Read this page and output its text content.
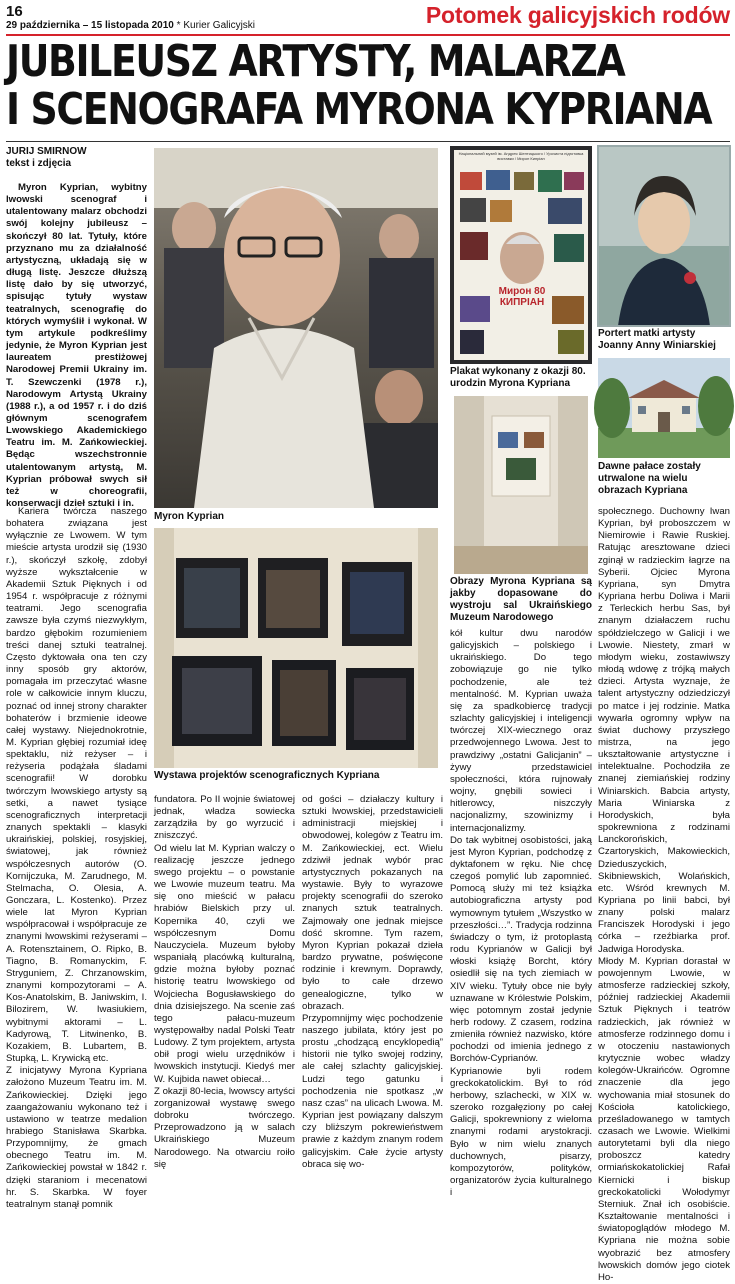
16
29 października – 15 listopada 2010 * Kurier Galicyjski	Potomek galicyjskich rodów
JUBILEUSZ ARTYSTY, MALARZA
I SCENOGRAFA MYRONA KYPRIANA
JURIJ SMIRNOW
tekst i zdjęcia
Myron Kyprian, wybitny lwowski scenograf i utalentowany malarz obchodzi swój kolejny jubileusz – skończył 80 lat. Tytuły, które przyznano mu za działalność artystyczną, układają się w długą listę. Jeszcze dłuższą listę dało by się utworzyć, spisując tytuły wystaw teatralnych, scenografię do których wymyślił i wykonał. W tym artykule podkreślimy jedynie, że Myron Kyprian jest laureatem prestiżowej Narodowej Premii Ukrainy im. T. Szewczenki (1978 r.), Narodowym Artystą Ukrainy (1988 r.), a od 1957 r. i do dziś głównym scenografem Lwowskiego Akademickiego Teatru im. M. Zańkowieckiej. Będąc wszechstronnie utalentowanym artystą, M. Kyprian próbował swych sił też w choreografii, konserwacji dzieł sztuki i in.
Kariera twórcza naszego bohatera związana jest wyłącznie ze Lwowem. W tym mieście artysta urodził się (1930 r.), skończył szkołę, zdobył wyższe wykształcenie w Akademii Sztuk Pięknych i od 1954 r. współpracuje z różnymi teatrami. Jego scenografia zawsze była czymś niezwykłym, bardzo głębokim rozumieniem treści danej sztuki teatralnej. Często dyktowała ona ten czy inny sposób gry aktorów, pomagała im przeczytać własne role w całkowicie innym kluczu, poznać od innej strony charakter bohaterów i brzmienie ideowe całej wystawy. Niejednokrotnie, M. Kyprian głębiej rozumiał ideę spektaklu, niż reżyser – i reżyseria podążała śladami scenografii! W dorobku twórczym lwowskiego artysty są setki, a nawet tysiące scenograficznych interpretacji znanych spektakli – klasyki ukraińskiej, polskiej, rosyjskiej, światowej, jak również współczesnych autorów (O. Kornijczuka, M. Zarudnego, M. Stelmacha, O. Olesia, A. Gonczara, L. Kostenko). Przez wiele lat Myron Kyprian współpracował i współpracuje ze znanymi lwowskimi reżyserami – A. Rotensztainem, O. Ripko, B. Tiagno, B. Romanyckim, F. Stryguniem, Z. Chrzanowskim, znanymi kompozytorami – A. Kos-Anatolskim, B. Janiwskim, I. Bilozirem, W. Iwasiukiem, wybitnymi aktorami – L. Kadyrową, T. Litwinenko, B. Kozakiem, B. Lubartem, B. Stupką, L. Krywicką etc.
Z inicjatywy Myrona Kypriana założono Muzeum Teatru im. M. Zańkowieckiej. Dzięki jego zaangażowaniu wykonano też i ustawiono w teatrze medalion hrabiego Stanisława Skarbka. Przypomnijmy, że gmach obecnego Teatru im. M. Zańkowieckiej powstał w 1842 r. dzięki staraniom i mecenatowi hr. S. Skarbka. W foyer teatralnym stanął pomnik
Myron Kyprian
Wystawa projektów scenograficznych Kypriana
fundatora. Po II wojnie światowej jednak, władza sowiecka zarządziła by go wyrzucić i zniszczyć.
Od wielu lat M. Kyprian walczy o realizację jeszcze jednego swego projektu – o powstanie we Lwowie muzeum teatru. Ma się ono mieścić w pałacu hrabiów Bielskich przy ul. Kopernika 40, czyli we współczesnym Domu Nauczyciela. Muzeum byłoby wspaniałą placówką kulturalną, gdzie można byłoby poznać historię teatru lwowskiego od Wojciecha Bogusławskiego do dnia dzisiejszego. Na scenie zaś tego pałacu-muzeum występowałby nadal Polski Teatr Ludowy. Z tym projektem, artysta obił progi wielu urzędników i lwowskich instytucji. Kiedyś mer W. Kujbida nawet obiecał…
Z okazji 80-lecia, lwowscy artyści zorganizował wystawę swego dobroku twórczego. Przeprowadzono ją w salach Ukraińskiego Muzeum Narodowego. Na otwarciu roiło się
od gości – działaczy kultury i sztuki lwowskiej, przedstawicieli administracji miejskiej i obwodowej, kolegów z Teatru im. M. Zańkowieckiej, ect. Wielu zdziwił jednak wybór prac artystycznych pokazanych na wystawie. Były to wyrazowe projekty scenografii do szeroko znanych sztuk teatralnych. Zajmowały one jednak miejsce dość skromne. Tym razem, Myron Kyprian pokazał dzieła bardzo prywatne, poświęcone rodzinie i krewnym. Doprawdy, było to całe drzewo genealogiczne, tylko w obrazach.
Przypomnijmy więc pochodzenie naszego jubilata, który jest po prostu „chodzącą encyklopedią” historii nie tylko swojej rodziny, ale całej szlachty galicyjskiej. Ludzi tego gatunku i pochodzenia nie spotkasz „w nasz czas” na ulicach Lwowa. M. Kyprian jest powiązany dalszym czy bliższym pokrewieństwem prawie z każdym znanym rodem galicyjskim. Całe życie artysty obraca się wo-
Національний музей ім. Андрея Шептицького / Урочиста підготовка виставки / Мирон Кипріан
Мирон 80 КИПРІАН
Plakat wykonany z okazji 80. urodzin Myrona Kypriana
Obrazy Myrona Kypriana są jakby dopasowane do wystroju sal Ukraińskiego Muzeum Narodowego
kół kultur dwu narodów galicyjskich – polskiego i ukraińskiego. Do tego zobowiązuje go nie tylko pochodzenie, ale też mentalność. M. Kyprian uważa się za spadkobiercę tradycji szlachty galicyjskiej i inteligencji twórczej XIX-wiecznego oraz przedwojennego Lwowa. Jest to prawdziwy „ostatni Galicjanin” – żywy przedstawiciel społeczności, która rujnowały wojny, gnębili sowieci i hitlerowcy, niszczyły nacjonalizmy, szowinizmy i internacjonalizmy.
Do tak wybitnej osobistości, jaką jest Myron Kyprian, podchodzę z dyktafonem w ręku. Nie chcę czegoś pomylić lub zapomnieć. Pomocą służy mi też książka autobiograficzna artysty pod wymownym tytułem „Wszystko w przeszłości…”. Tradycja rodzinna świadczy o tym, iż protoplastą rodu Kyprianów w Galicji był włoski książę Borcht, który osiedlił się na tych ziemiach w XIV wieku. Tytuły obce nie były uznawane w Królestwie Polskim, więc potomnym został jedynie herb rodowy. Z czasem, rodzina zmieniła również nazwisko, które pochodzi od imienia jednego z Borchów-Cyprianów. Kyprianowie byli rodem greckokatolickim. Był to ród herbowy, szlachecki, w XIX w. szeroko rozgałęziony po całej Galicji, spokrewniony z wieloma znanymi rodami arystokracji. Było w nim wielu znanych duchownych, pisarzy, kompozytorów, polityków, organizatorów życia kulturalnego i
Portert matki artysty Joanny Anny Winiarskiej
Dawne pałace zostały utrwalone na wielu obrazach Kypriana
społecznego. Duchowny Iwan Kyprian, był proboszczem w Niemirowie i Rawie Ruskiej. Ratując aresztowane dzieci zginął w radzieckim łagrze na Syberii. Ojciec Myrona Kypriana, syn Dmytra Kypriana herbu Doliwa i Marii z Terleckich herbu Sas, był znanym działaczem ruchu spółdzielczego w Galicji i we Lwowie. Niestety, zmarł w młodym wieku, zostawiwszy młodą wdowę z trójką małych dzieci. Artysta wyznaje, że talent artystyczny odziedziczył po matce i jej rodzinie. Matka wywarła ogromny wpływ na świat duchowy przyszłego mistrza, na jego ukształtowanie artystyczne i intelektualne. Pochodziła ze znanej ziemiańskiej rodziny Winiarskich. Babcia artysty, Maria Winiarska z Horodyskich, była spokrewniona z rodzinami Lanckorońskich, Czartoryskich, Makowieckich, Dzieduszyckich, Skibniewskich, Wolańskich, etc. Wśród krewnych M. Kypriana po linii babci, był znany polski malarz Franciszek Horodyski i jego córka – rzeźbiarka prof. Jadwiga Horodyska.
Młody M. Kyprian dorastał w powojennym Lwowie, w atmosferze radzieckiej szkoły, później radzieckiej Akademii Sztuk Pięknych i teatrów radzieckich, jak również w atmosferze rodzinnego domu i w otoczeniu nastawionych krytycznie wobec władzy kolegów-Ukraińców. Ogromne znaczenie dla jego wychowania miał stosunek do Kościoła katolickiego, prześladowanego w tamtych czasach we Lwowie. Wielkimi autorytetami byli dla niego proboszcz katedry ormiańskokatolickiej Rafał Kiernicki i biskup greckokatolicki Wołodymyr Sterniuk. Znał ich osobiście. Kształtowanie mentalności i światopoglądów młodego M. Kypriana nie można sobie wyobrazić bez atmosfery lwowskich domów jego ciotek Ho-
